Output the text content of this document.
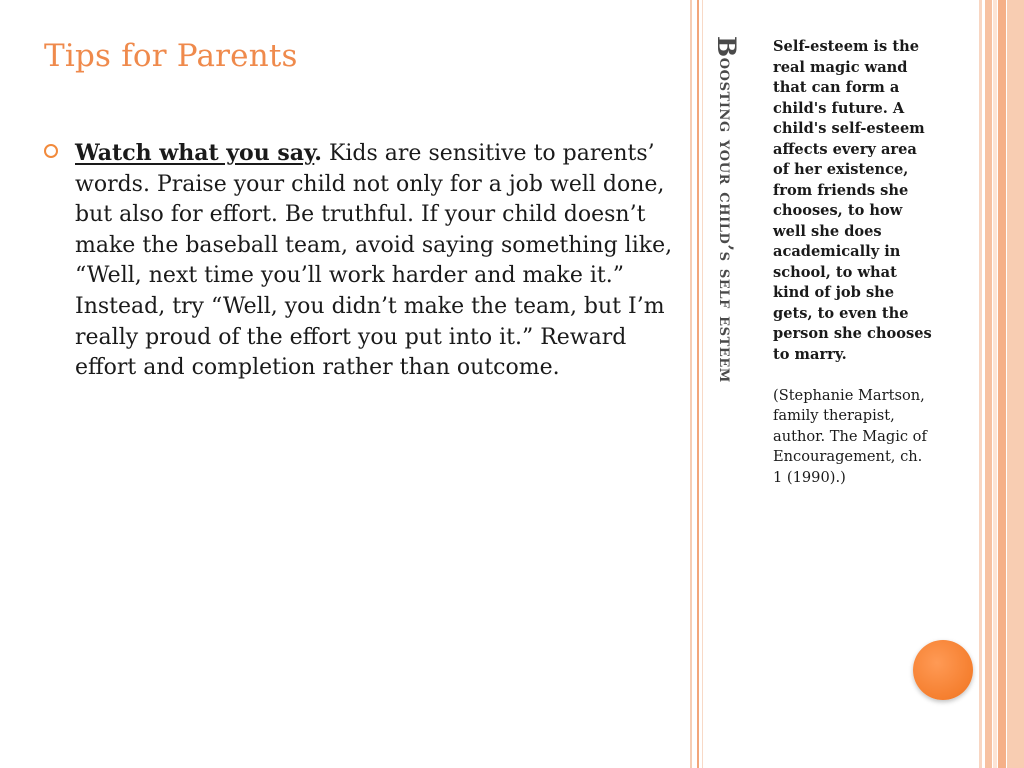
Tips for Parents
Watch what you say. Kids are sensitive to parents’ words. Praise your child not only for a job well done, but also for effort. Be truthful. If your child doesn’t make the baseball team, avoid saying something like, “Well, next time you’ll work harder and make it.” Instead, try “Well, you didn’t make the team, but I’m really proud of the effort you put into it.” Reward effort and completion rather than outcome.
Boosting your child’s self esteem

Self-esteem is the real magic wand that can form a child's future. A child's self-esteem affects every area of her existence, from friends she chooses, to how well she does academically in school, to what kind of job she gets, to even the person she chooses to marry.

(Stephanie Martson, family therapist, author. The Magic of Encouragement, ch. 1 (1990).)
